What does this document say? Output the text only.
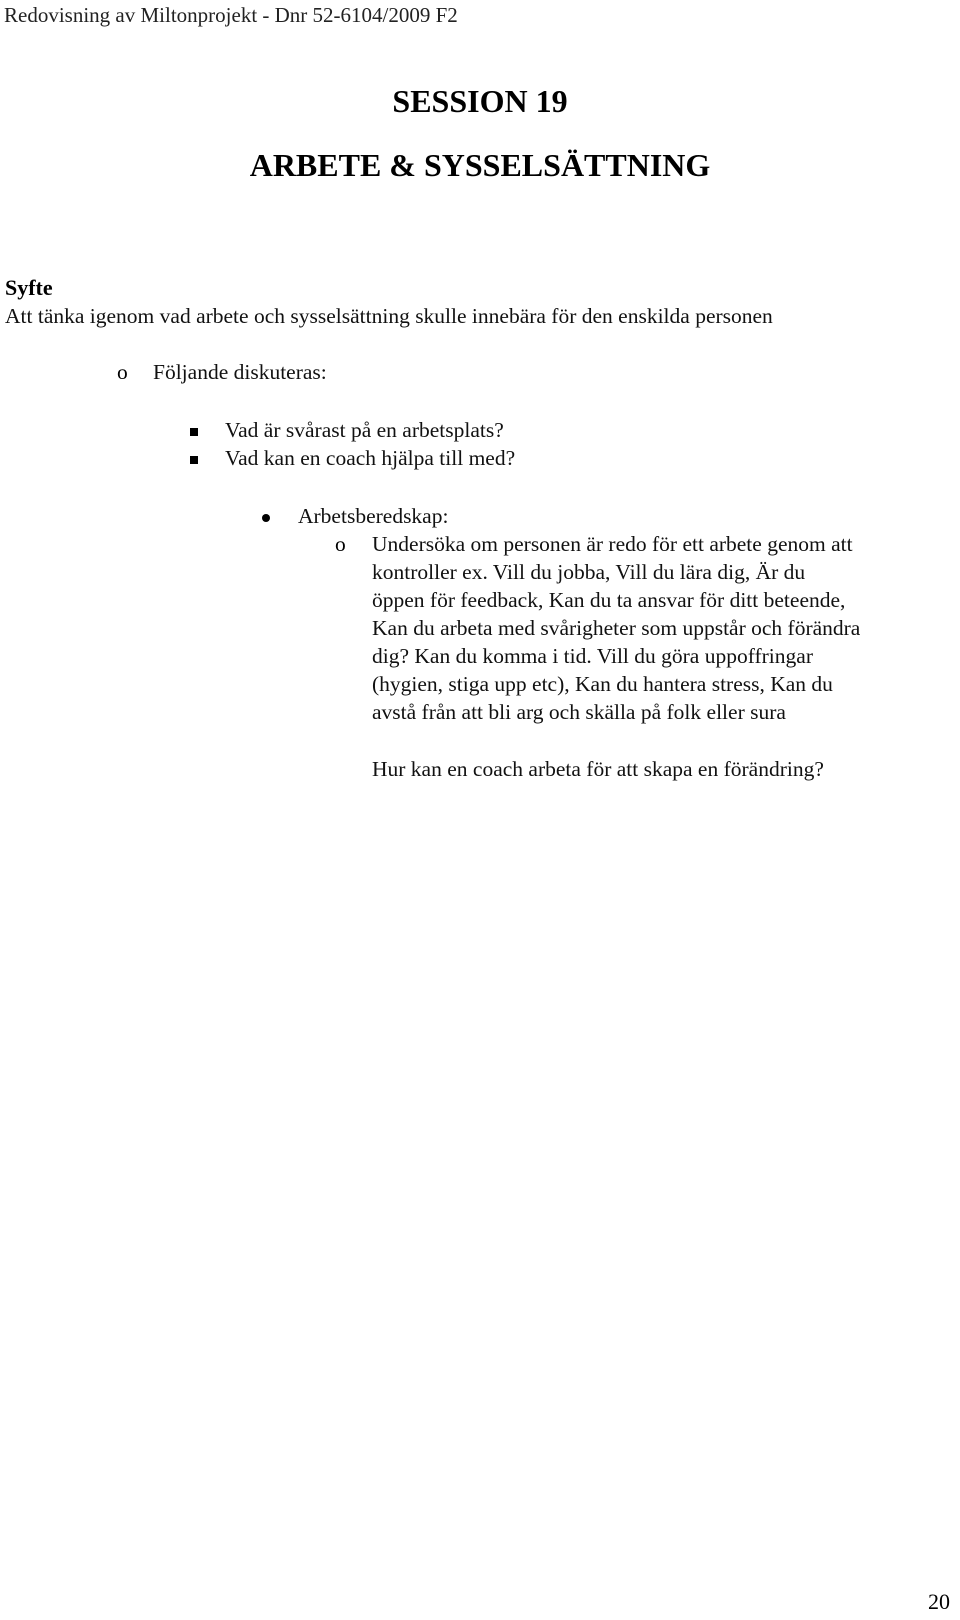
Redovisning av Miltonprojekt - Dnr 52-6104/2009 F2
SESSION 19
ARBETE & SYSSELSÄTTNING
Syfte
Att tänka igenom vad arbete och sysselsättning skulle innebära för den enskilda personen
o Följande diskuteras:
Vad är svårast på en arbetsplats?
Vad kan en coach hjälpa till med?
Arbetsberedskap:
o Undersöka om personen är redo för ett arbete genom att
kontroller ex. Vill du jobba, Vill du lära dig, Är du
öppen för feedback, Kan du ta ansvar för ditt beteende,
Kan du arbeta med svårigheter som uppstår och förändra
dig? Kan du komma i tid. Vill du göra uppoffringar
(hygien, stiga upp etc), Kan du hantera stress, Kan du
avstå från att bli arg och skälla på folk eller sura
Hur kan en coach arbeta för att skapa en förändring?
20
